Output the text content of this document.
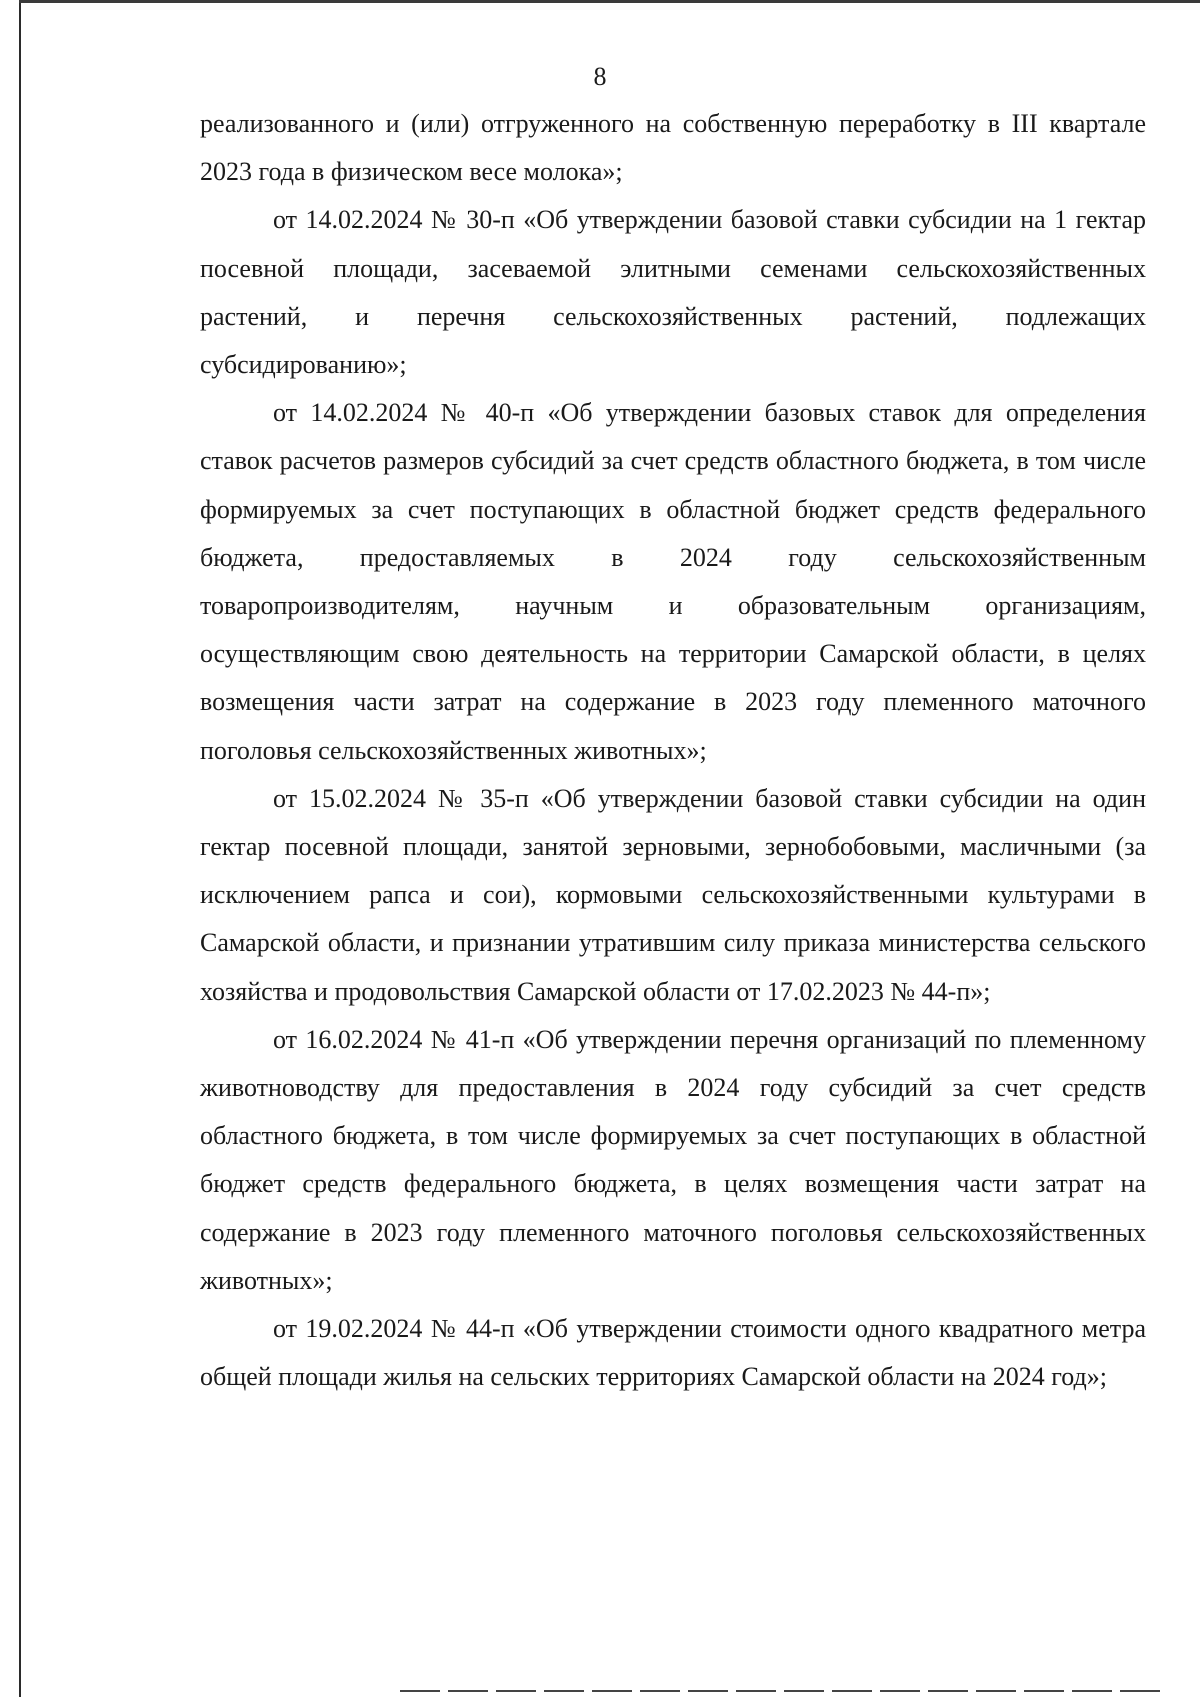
8

реализованного и (или) отгруженного на собственную переработку в III квартале 2023 года в физическом весе молока»;

от 14.02.2024 № 30-п «Об утверждении базовой ставки субсидии на 1 гектар посевной площади, засеваемой элитными семенами сельскохозяйственных растений, и перечня сельскохозяйственных растений, подлежащих субсидированию»;

от 14.02.2024 № 40-п «Об утверждении базовых ставок для определения ставок расчетов размеров субсидий за счет средств областного бюджета, в том числе формируемых за счет поступающих в областной бюджет средств федерального бюджета, предоставляемых в 2024 году сельскохозяйственным товаропроизводителям, научным и образовательным организациям, осуществляющим свою деятельность на территории Самарской области, в целях возмещения части затрат на содержание в 2023 году племенного маточного поголовья сельскохозяйственных животных»;

от 15.02.2024 № 35-п «Об утверждении базовой ставки субсидии на один гектар посевной площади, занятой зерновыми, зернобобовыми, масличными (за исключением рапса и сои), кормовыми сельскохозяйственными культурами в Самарской области, и признании утратившим силу приказа министерства сельского хозяйства и продовольствия Самарской области от 17.02.2023 № 44-п»;

от 16.02.2024 № 41-п «Об утверждении перечня организаций по племенному животноводству для предоставления в 2024 году субсидий за счет средств областного бюджета, в том числе формируемых за счет поступающих в областной бюджет средств федерального бюджета, в целях возмещения части затрат на содержание в 2023 году племенного маточного поголовья сельскохозяйственных животных»;

от 19.02.2024 № 44-п «Об утверждении стоимости одного квадратного метра общей площади жилья на сельских территориях Самарской области на 2024 год»;
